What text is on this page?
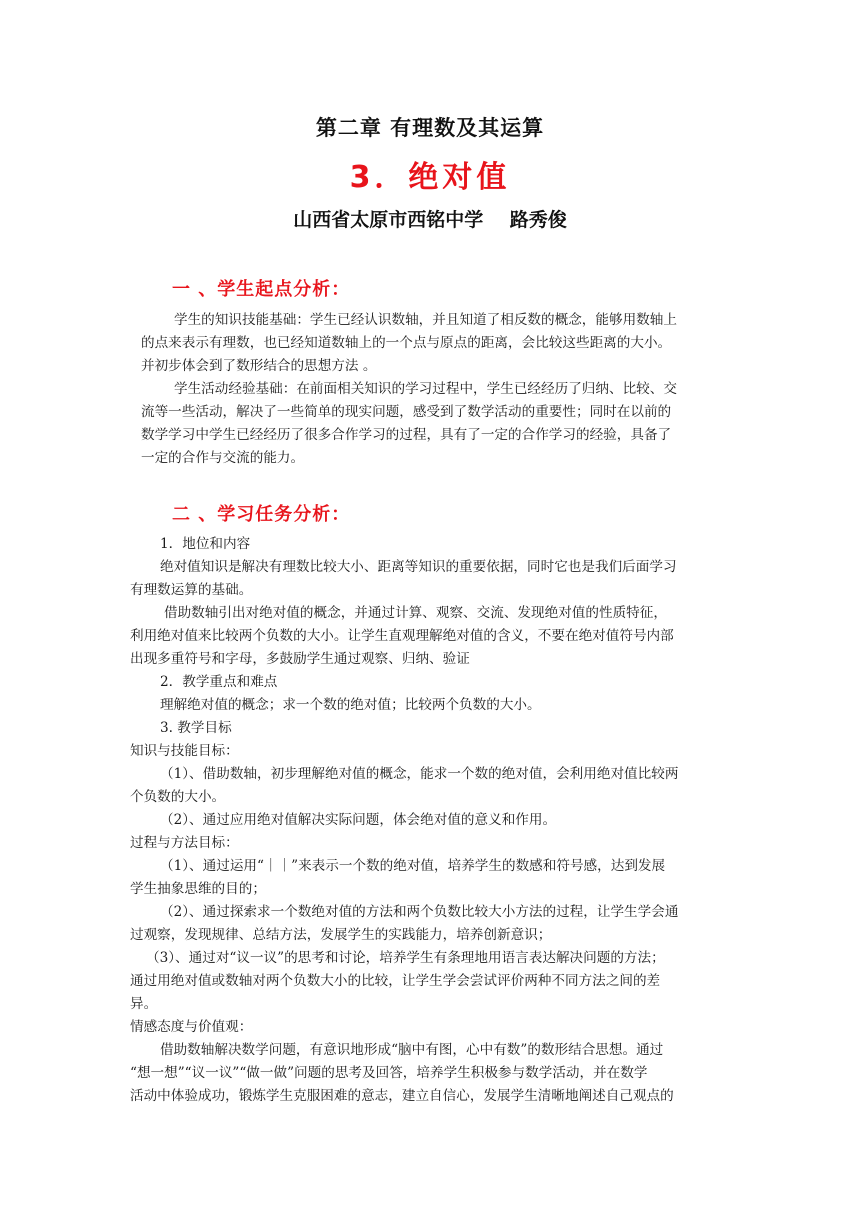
第二章 有理数及其运算
3．绝对值
山西省太原市西铭中学    路秀俊
一 、学生起点分析：
学生的知识技能基础：学生已经认识数轴，并且知道了相反数的概念，能够用数轴上
的点来表示有理数，也已经知道数轴上的一个点与原点的距离，会比较这些距离的大小。
并初步体会到了数形结合的思想方法 。
学生活动经验基础：在前面相关知识的学习过程中，学生已经经历了归纳、比较、交
流等一些活动，解决了一些简单的现实问题，感受到了数学活动的重要性；同时在以前的
数学学习中学生已经经历了很多合作学习的过程，具有了一定的合作学习的经验，具备了
一定的合作与交流的能力。
二 、学习任务分析：
1．地位和内容
绝对值知识是解决有理数比较大小、距离等知识的重要依据，同时它也是我们后面学习
有理数运算的基础。
借助数轴引出对绝对值的概念，并通过计算、观察、交流、发现绝对值的性质特征，
利用绝对值来比较两个负数的大小。让学生直观理解绝对值的含义，不要在绝对值符号内部
出现多重符号和字母，多鼓励学生通过观察、归纳、验证
2．教学重点和难点
理解绝对值的概念；求一个数的绝对值；比较两个负数的大小。
3. 教学目标
知识与技能目标：
（1）、借助数轴，初步理解绝对值的概念，能求一个数的绝对值，会利用绝对值比较两
个负数的大小。
（2）、通过应用绝对值解决实际问题，体会绝对值的意义和作用。
过程与方法目标：
（1）、通过运用“｜｜”来表示一个数的绝对值，培养学生的数感和符号感，达到发展
学生抽象思维的目的；
（2）、通过探索求一个数绝对值的方法和两个负数比较大小方法的过程，让学生学会通
过观察，发现规律、总结方法，发展学生的实践能力，培养创新意识；
（3）、通过对“议一议”的思考和讨论，培养学生有条理地用语言表达解决问题的方法；
通过用绝对值或数轴对两个负数大小的比较，让学生学会尝试评价两种不同方法之间的差
异。
情感态度与价值观：
借助数轴解决数学问题，有意识地形成“脑中有图，心中有数”的数形结合思想。通过
“想一想”“议一议”“做一做”问题的思考及回答，培养学生积极参与数学活动，并在数学
活动中体验成功，锻炼学生克服困难的意志，建立自信心，发展学生清晰地阐述自己观点的
